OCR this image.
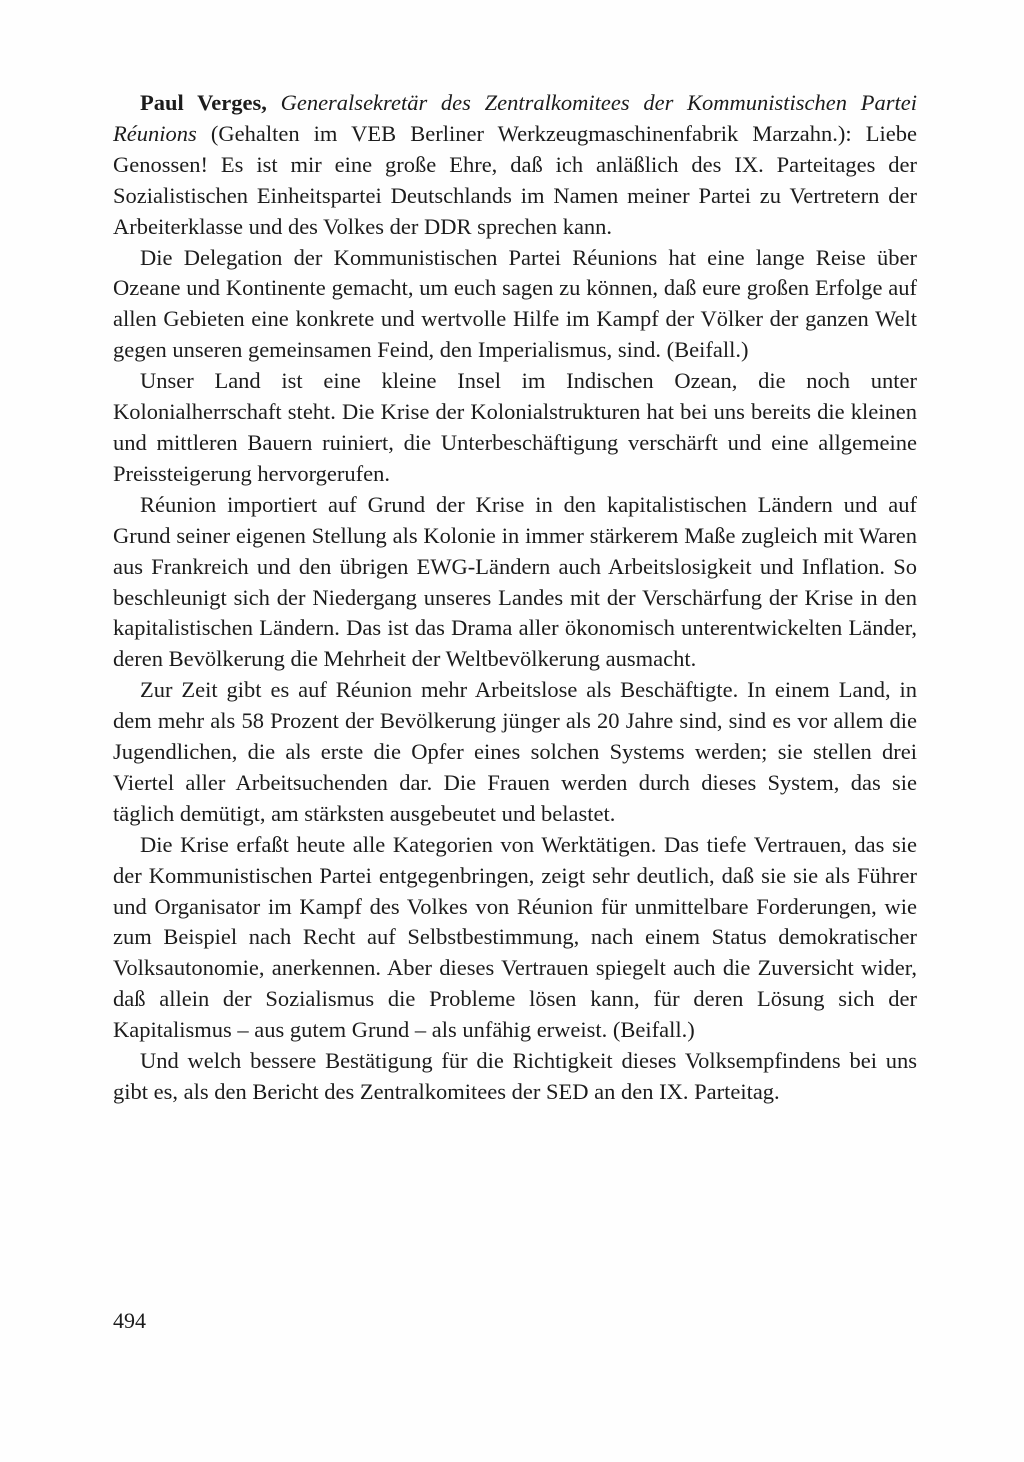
Paul Verges, Generalsekretär des Zentralkomitees der Kommunistischen Partei Réunions (Gehalten im VEB Berliner Werkzeugmaschinenfabrik Marzahn.): Liebe Genossen! Es ist mir eine große Ehre, daß ich anläßlich des IX. Parteitages der Sozialistischen Einheitspartei Deutschlands im Namen meiner Partei zu Vertretern der Arbeiterklasse und des Volkes der DDR sprechen kann.

Die Delegation der Kommunistischen Partei Réunions hat eine lange Reise über Ozeane und Kontinente gemacht, um euch sagen zu können, daß eure großen Erfolge auf allen Gebieten eine konkrete und wertvolle Hilfe im Kampf der Völker der ganzen Welt gegen unseren gemeinsamen Feind, den Imperialismus, sind. (Beifall.)

Unser Land ist eine kleine Insel im Indischen Ozean, die noch unter Kolonialherrschaft steht. Die Krise der Kolonialstrukturen hat bei uns bereits die kleinen und mittleren Bauern ruiniert, die Unterbeschäftigung verschärft und eine allgemeine Preissteigerung hervorgerufen.

Réunion importiert auf Grund der Krise in den kapitalistischen Ländern und auf Grund seiner eigenen Stellung als Kolonie in immer stärkerem Maße zugleich mit Waren aus Frankreich und den übrigen EWG-Ländern auch Arbeitslosigkeit und Inflation. So beschleunigt sich der Niedergang unseres Landes mit der Verschärfung der Krise in den kapitalistischen Ländern. Das ist das Drama aller ökonomisch unterentwickelten Länder, deren Bevölkerung die Mehrheit der Weltbevölkerung ausmacht.

Zur Zeit gibt es auf Réunion mehr Arbeitslose als Beschäftigte. In einem Land, in dem mehr als 58 Prozent der Bevölkerung jünger als 20 Jahre sind, sind es vor allem die Jugendlichen, die als erste die Opfer eines solchen Systems werden; sie stellen drei Viertel aller Arbeitsuchenden dar. Die Frauen werden durch dieses System, das sie täglich demütigt, am stärksten ausgebeutet und belastet.

Die Krise erfaßt heute alle Kategorien von Werktätigen. Das tiefe Vertrauen, das sie der Kommunistischen Partei entgegenbringen, zeigt sehr deutlich, daß sie sie als Führer und Organisator im Kampf des Volkes von Réunion für unmittelbare Forderungen, wie zum Beispiel nach Recht auf Selbstbestimmung, nach einem Status demokratischer Volksautonomie, anerkennen. Aber dieses Vertrauen spiegelt auch die Zuversicht wider, daß allein der Sozialismus die Probleme lösen kann, für deren Lösung sich der Kapitalismus – aus gutem Grund – als unfähig erweist. (Beifall.)

Und welch bessere Bestätigung für die Richtigkeit dieses Volksempfindens bei uns gibt es, als den Bericht des Zentralkomitees der SED an den IX. Parteitag.

494
